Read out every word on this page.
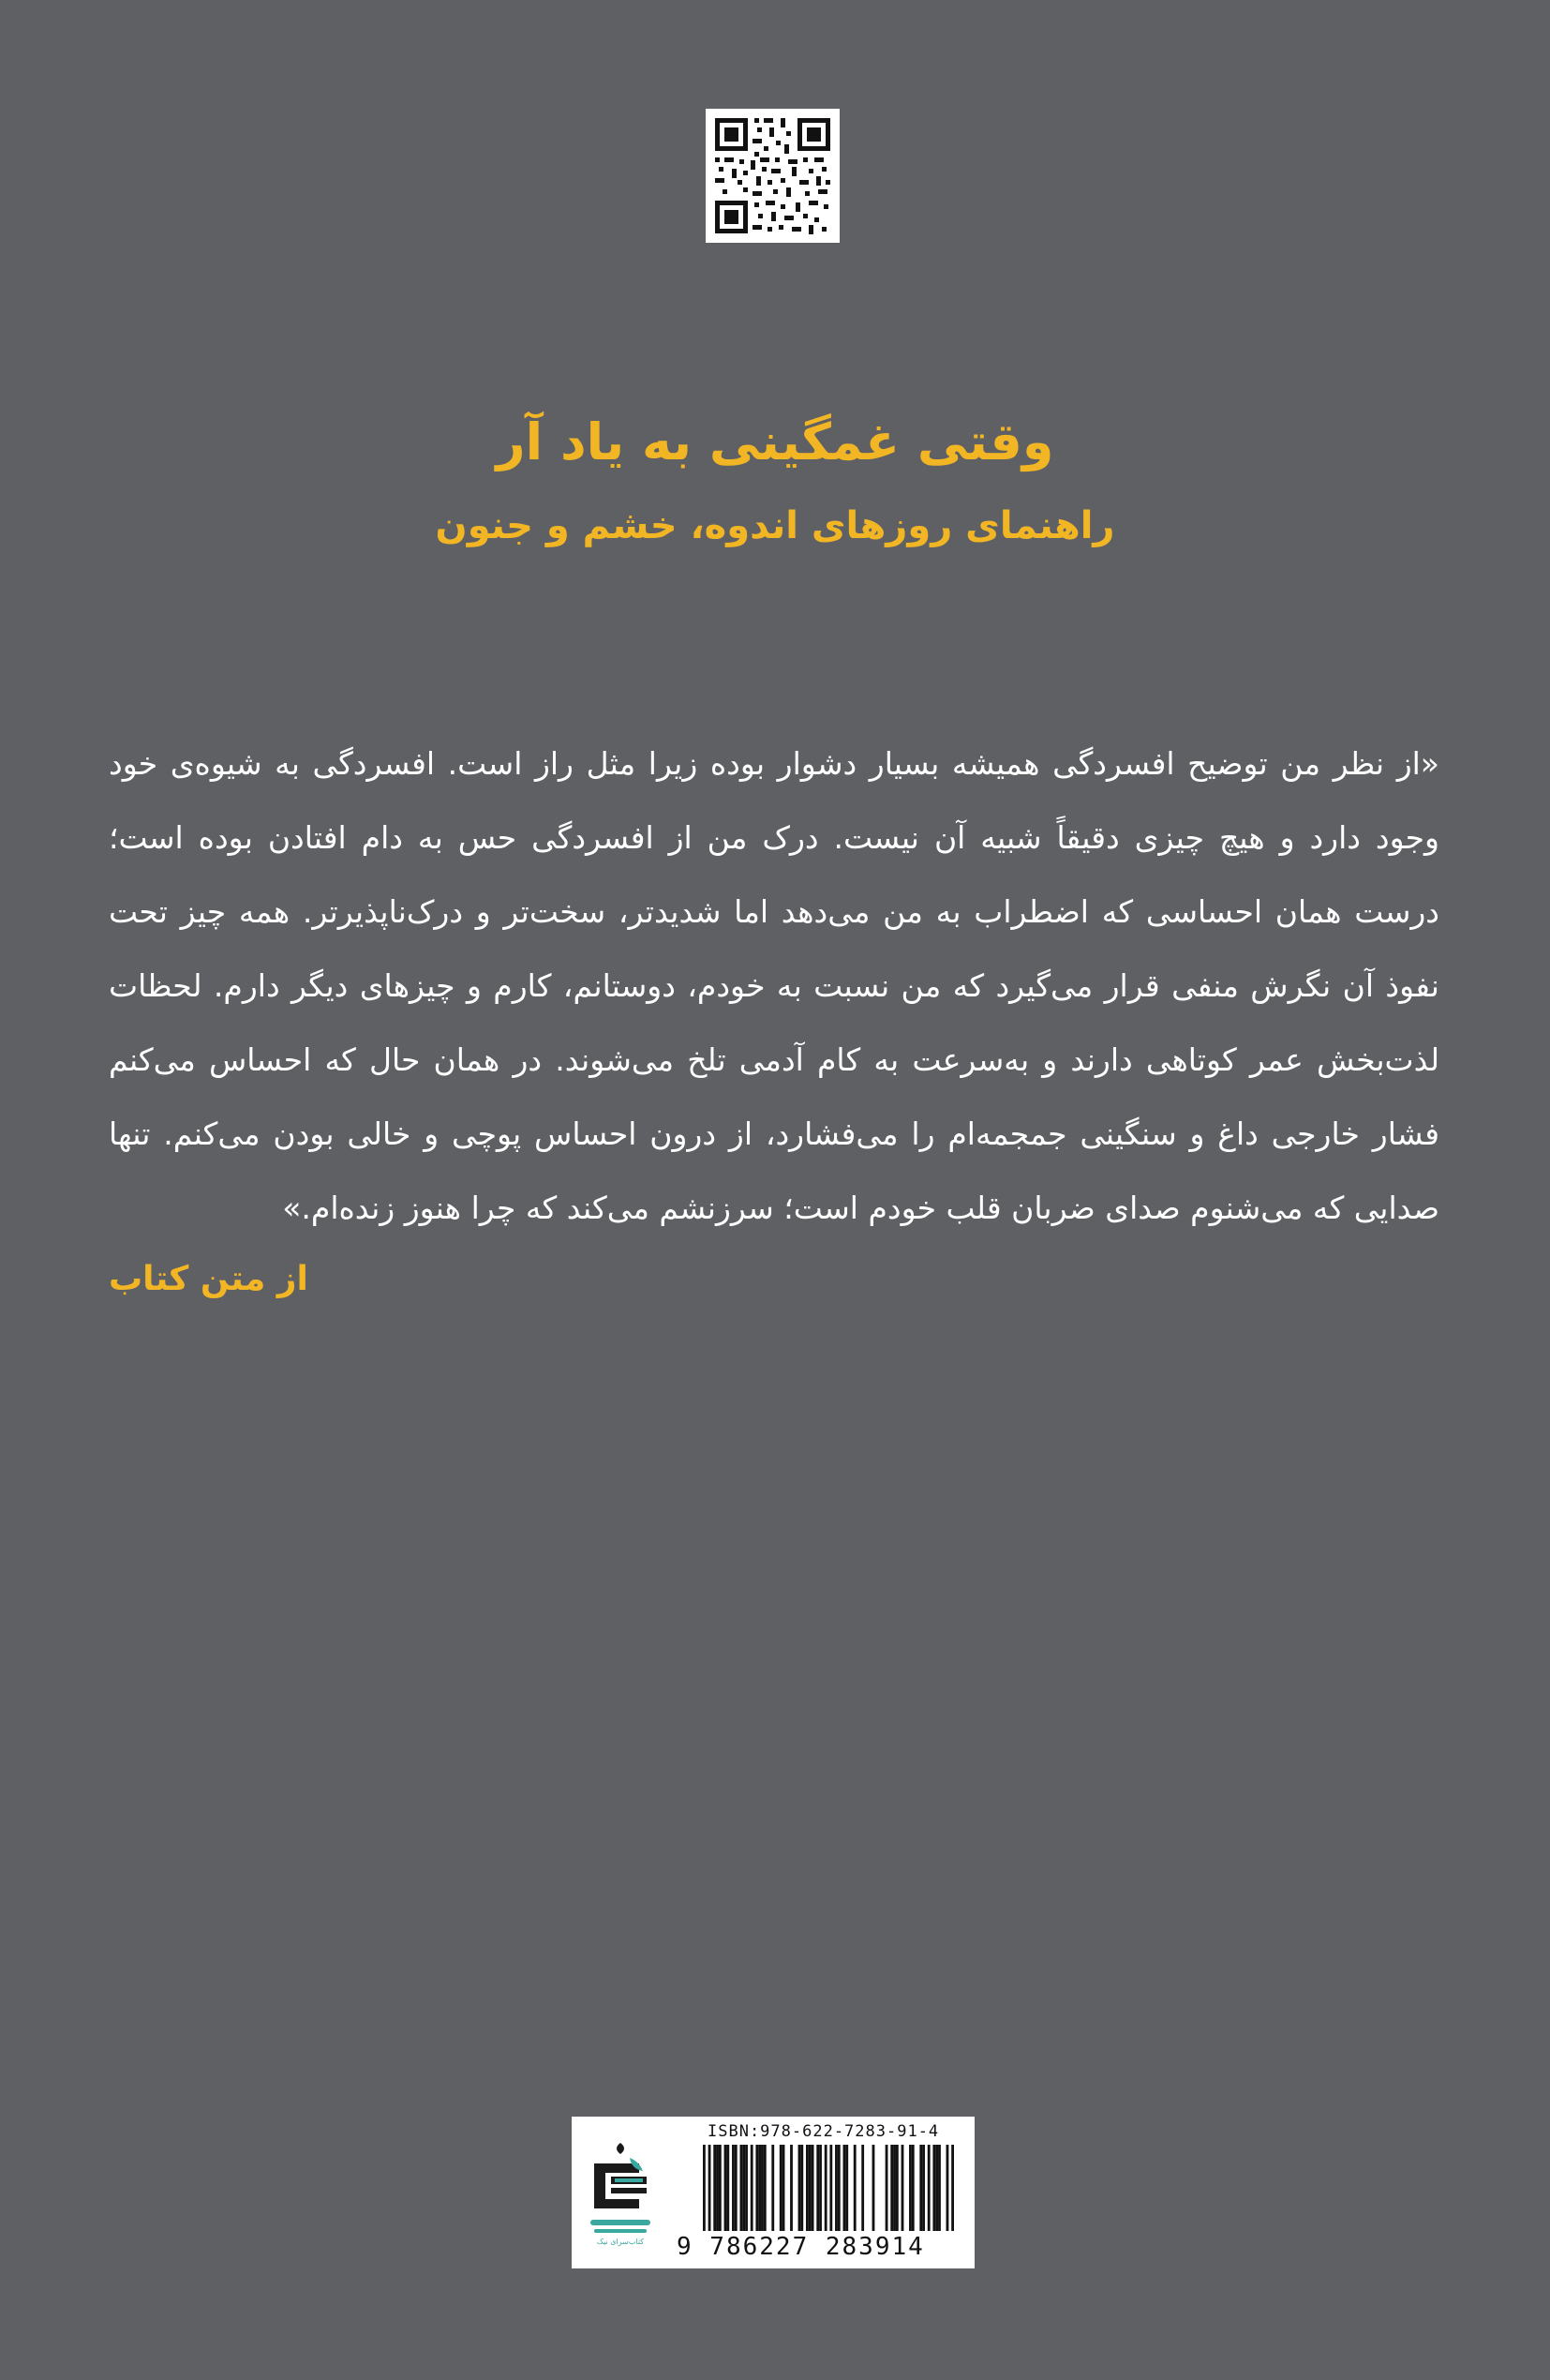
وقتی غمگینی به یاد آر
راهنمای روزهای اندوه، خشم و جنون
«از نظر من توضیح افسردگی همیشه بسیار دشوار بوده زیرا مثل راز است. افسردگی به شیوه‌ی خود وجود دارد و هیچ چیزی دقیقاً شبیه آن نیست. درک من از افسردگی حس به دام افتادن بوده است؛ درست همان احساسی که اضطراب به من می‌دهد اما شدیدتر، سخت‌تر و درک‌ناپذیرتر. همه چیز تحت نفوذ آن نگرش منفی قرار می‌گیرد که من نسبت به خودم، دوستانم، کارم و چیزهای دیگر دارم. لحظات لذت‌بخش عمر کوتاهی دارند و به‌سرعت به کام آدمی تلخ می‌شوند. در همان حال که احساس می‌کنم فشار خارجی داغ و سنگینی جمجمه‌ام را می‌فشارد، از درون احساس پوچی و خالی بودن می‌کنم. تنها صدایی که می‌شنوم صدای ضربان قلب خودم است؛ سرزنشم می‌کند که چرا هنوز زنده‌ام.»
از متن کتاب
کتاب‌سرای نیک
ISBN:978-622-7283-91-4
9 786227 283914
